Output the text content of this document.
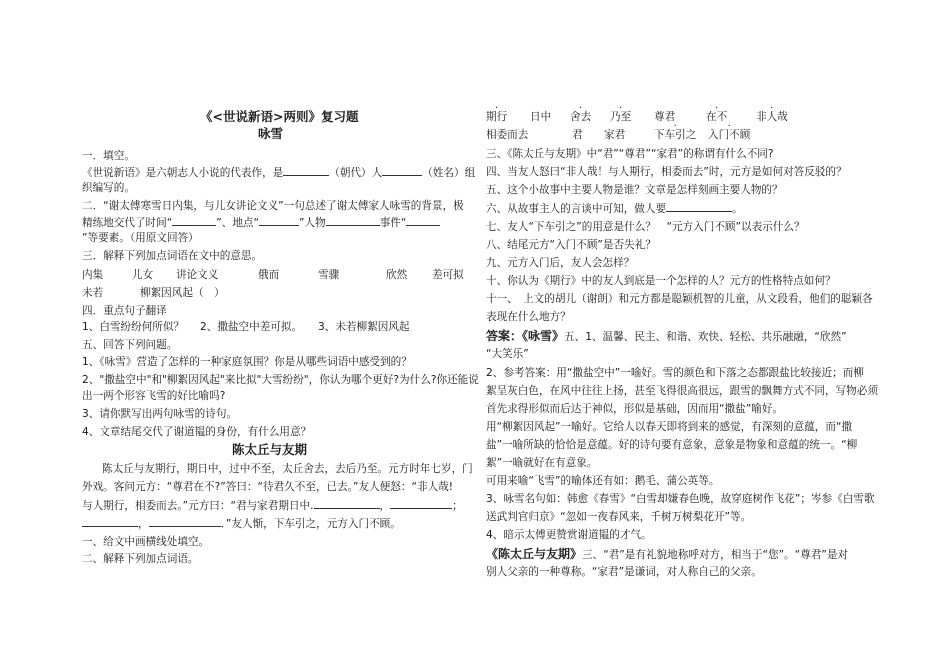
《<世说新语>两则》复习题
咏雪
一．填空。
《世说新语》是六朝志人小说的代表作，是	（朝代）人	（姓名）组
织编写的。
二．“谢太傅寒雪日内集，与儿女讲论文义”一句总述了谢太傅家人咏雪的背景，极
精练地交代了时间“	”、地点“	”人物	事件“
”等要素。（用原文回答）
三．解释下列加点词语在文中的意思。
内集	儿女 讲论文义	俄而	雪骤	欣然 差可拟
未若	柳絮因风起（　）
四．重点句子翻译
1、白雪纷纷何所似？ 2、撒盐空中差可拟。 3、未若柳絮因风起
五、回答下列问题。
1、《咏雪》营造了怎样的一种家庭氛围？你是从哪些词语中感受到的？
2、"撒盐空中"和"柳絮因风起"来比拟"大雪纷纷"，你认为哪个更好?为什么?你还能说
出一两个形容飞雪的好比喻吗?
3、请你默写出两句咏雪的诗句。
4、文章结尾交代了谢道韫的身份，有什么用意？
陈太丘与友期
陈太丘与友期行，期日中，过中不至，太丘舍去，去后乃至。元方时年七岁，门
外戏。客问元方：“尊君在不?”答曰：“待君久不至，已去。”友人便怒：“非人哉!
与人期行，相委而去。”元方曰：“君与家君期日中.	，	；
，	．”友人惭，下车引之，元方入门不顾。
一、给文中画横线处填空。
二、解释下列加点词语。
期行 日中 舍去 乃至 尊君	在不	非人哉
相委而去	君 家君	下车引之 入门不顾
三、《陈太丘与友期》中“君”“尊君”“家君”的称谓有什么不同?
四、当友人怒曰“非人哉！与人期行，相委而去”时，元方是如何对答反驳的？
五、这个小故事中主要人物是谁？文章是怎样刻画主要人物的？
六、从故事主人的言谈中可知，做人要	。
七、友人“下车引之”的用意是什么？　“元方入门不顾”以表示什么？
八、结尾元方“入门不顾”是否失礼？
九、元方入门后，友人会怎样？
十、你认为《期行》中的友人到底是一个怎样的人？元方的性格特点如何？
十一、　上文的胡儿（谢朗）和元方都是聪颖机智的儿童，从文段看，他们的聪颖各
表现在什么地方？
答案：《咏雪》五、1、温馨、民主、和谐、欢快、轻松、共乐融融，“欣然”
“大笑乐”
2、参考答案：用“撒盐空中”一喻好。雪的颜色和下落之态都跟盐比较接近；而柳
絮呈灰白色，在风中往往上扬，甚至飞得很高很远，跟雪的飘舞方式不同，写物必须
首先求得形似而后达于神似，形似是基础，因而用“撒盐”喻好。
用“柳絮因风起”一喻好。它给人以春天即将到来的感觉，有深刻的意蕴，而“撒
盐”一喻所缺的恰恰是意蕴。好的诗句要有意象，意象是物象和意蕴的统一。“柳
絮”一喻就好在有意象。
可用来喻“飞雪”的喻体还有如：鹅毛、蒲公英等。
3、咏雪名句如：韩愈《春雪》“白雪却嫌春色晚，故穿庭树作飞花”；岑参《白雪歌
送武判官归京》“忽如一夜春风来，千树万树梨花开”等。
4、暗示太傅更赞赏谢道韫的才气。
《陈太丘与友期》三、“君”是有礼貌地称呼对方，相当于“您”。“尊君”是对
别人父亲的一种尊称。“家君”是谦词，对人称自己的父亲。
